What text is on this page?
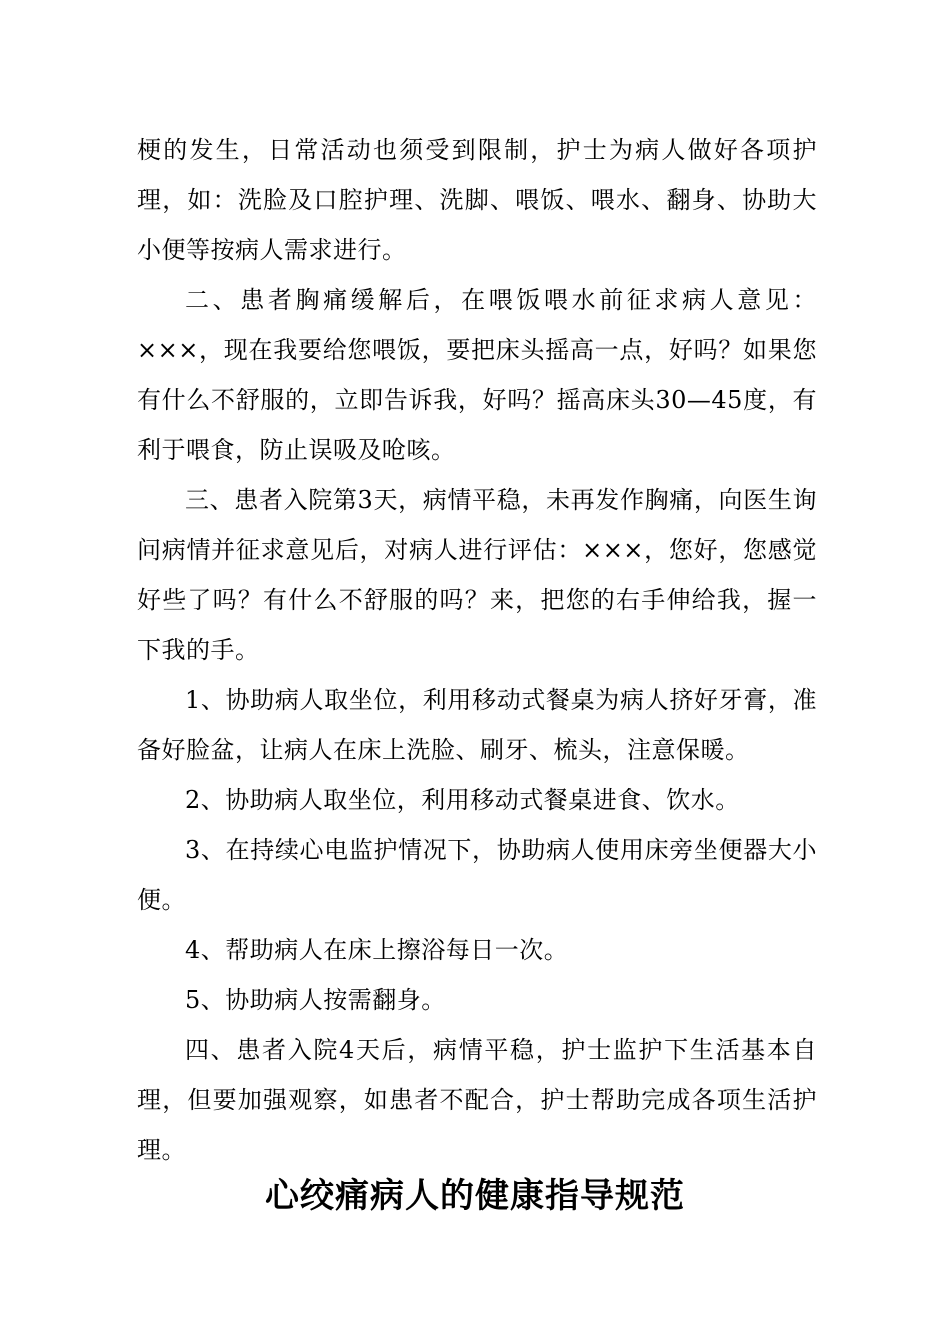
梗的发生，日常活动也须受到限制，护士为病人做好各项护理，如：洗脸及口腔护理、洗脚、喂饭、喂水、翻身、协助大小便等按病人需求进行。

二、患者胸痛缓解后，在喂饭喂水前征求病人意见：×××，现在我要给您喂饭，要把床头摇高一点，好吗？如果您有什么不舒服的，立即告诉我，好吗？摇高床头30—45度，有利于喂食，防止误吸及呛咳。

三、患者入院第3天，病情平稳，未再发作胸痛，向医生询问病情并征求意见后，对病人进行评估：×××，您好，您感觉好些了吗？有什么不舒服的吗？来，把您的右手伸给我，握一下我的手。

1、协助病人取坐位，利用移动式餐桌为病人挤好牙膏，准备好脸盆，让病人在床上洗脸、刷牙、梳头，注意保暖。

2、协助病人取坐位，利用移动式餐桌进食、饮水。

3、在持续心电监护情况下，协助病人使用床旁坐便器大小便。

4、帮助病人在床上擦浴每日一次。

5、协助病人按需翻身。

四、患者入院4天后，病情平稳，护士监护下生活基本自理，但要加强观察，如患者不配合，护士帮助完成各项生活护理。

心绞痛病人的健康指导规范
